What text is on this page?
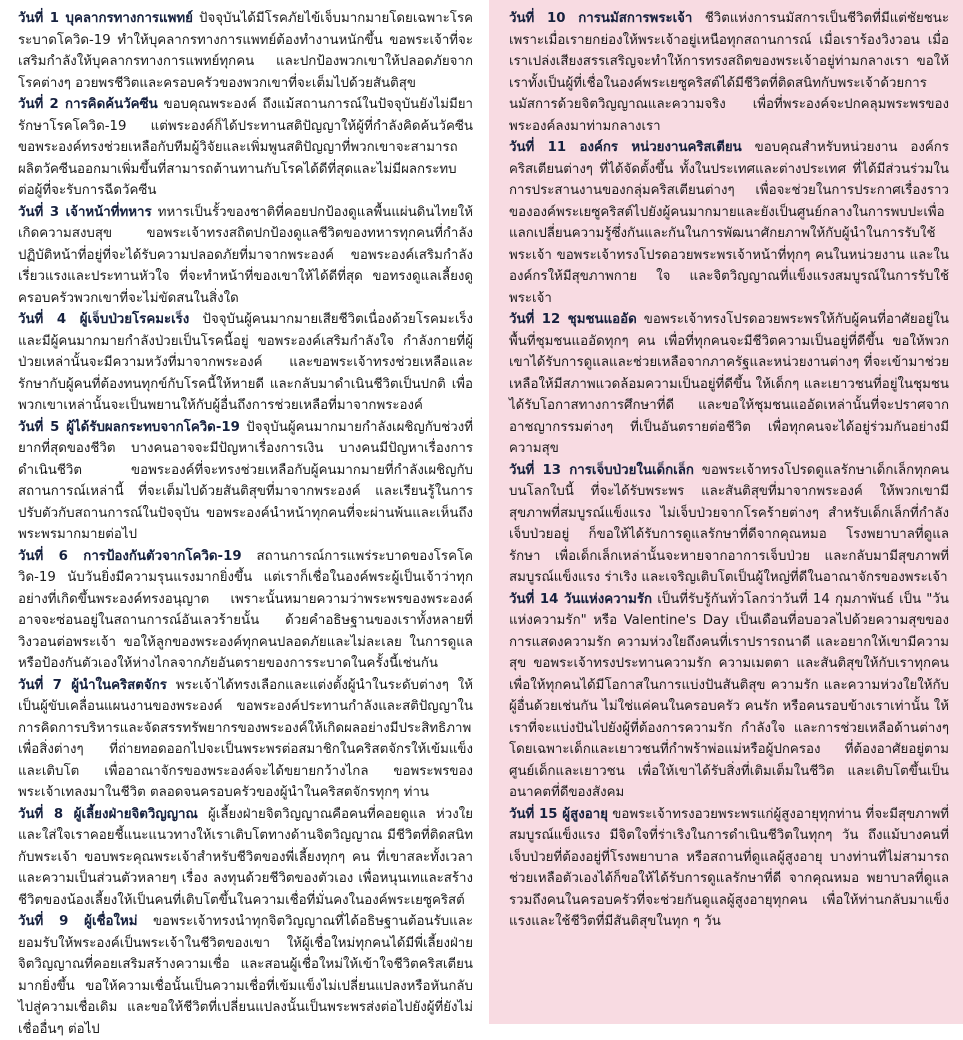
วันที่ 1 บุคลากรทางการแพทย์ ปัจจุบันได้มีโรคภัยไข้เจ็บมากมายโดยเฉพาะโรคระบาดโควิด-19 ทำให้บุคลากรทางการแพทย์ต้องทำงานหนักขึ้น ขอพระเจ้าที่จะเสริมกำลังให้บุคลากรทางการแพทย์ทุกคน และปกป้องพวกเขาให้ปลอดภัยจากโรคต่างๆ อวยพรชีวิตและครอบครัวของพวกเขาที่จะเต็มไปด้วยสันติสุข

วันที่ 2 การคิดค้นวัคซีน ขอบคุณพระองค์ ถึงแม้สถานการณ์ในปัจจุบันยังไม่มียารักษาโรคโควิด-19 แต่พระองค์ก็ได้ประทานสติปัญญาให้ผู้ที่กำลังคิดค้นวัคซีน ขอพระองค์ทรงช่วยเหลือกับทีมผู้วิจัยและเพิ่มพูนสติปัญญาที่พวกเขาจะสามารถผลิตวัคซีนออกมาเพิ่มขึ้นที่สามารถต้านทานกับโรคได้ดีที่สุดและไม่มีผลกระทบต่อผู้ที่จะรับการฉีดวัคซีน

วันที่ 3 เจ้าหน้าที่ทหาร ทหารเป็นรั้วของชาติที่คอยปกป้องดูแลพื้นแผ่นดินไทยให้เกิดความสงบสุข ขอพระเจ้าทรงสถิตปกป้องดูแลชีวิตของทหารทุกคนที่กำลังปฏิบัติหน้าที่อยู่ที่จะได้รับความปลอดภัยที่มาจากพระองค์ ขอพระองค์เสริมกำลังเรี่ยวแรงและประทานหัวใจ ที่จะทำหน้าที่ของเขาให้ได้ดีที่สุด ขอทรงดูแลเลี้ยงดูครอบครัวพวกเขาที่จะไม่ขัดสนในสิ่งใด

วันที่ 4 ผู้เจ็บป่วยโรคมะเร็ง ปัจจุบันผู้คนมากมายเสียชีวิตเนื่องด้วยโรคมะเร็ง และมีผู้คนมากมายกำลังป่วยเป็นโรคนี้อยู่ ขอพระองค์เสริมกำลังใจ กำลังกายที่ผู้ป่วยเหล่านั้นจะมีความหวังที่มาจากพระองค์ และขอพระเจ้าทรงช่วยเหลือและรักษากับผู้คนที่ต้องทนทุกข์กับโรคนี้ให้หายดี และกลับมาดำเนินชีวิตเป็นปกติ เพื่อพวกเขาเหล่านั้นจะเป็นพยานให้กับผู้อื่นถึงการช่วยเหลือที่มาจากพระองค์

วันที่ 5 ผู้ได้รับผลกระทบจากโควิด-19 ปัจจุบันผู้คนมากมายกำลังเผชิญกับช่วงที่ยากที่สุดของชีวิต บางคนอาจจะมีปัญหาเรื่องการเงิน บางคนมีปัญหาเรื่องการดำเนินชีวิต ขอพระองค์ที่จะทรงช่วยเหลือกับผู้คนมากมายที่กำลังเผชิญกับสถานการณ์เหล่านี้ ที่จะเต็มไปด้วยสันติสุขที่มาจากพระองค์ และเรียนรู้ในการปรับตัวกับสถานการณ์ในปัจจุบัน ขอพระองค์นำหน้าทุกคนที่จะผ่านพ้นและเห็นถึงพระพรมากมายต่อไป

วันที่ 6 การป้องกันตัวจากโควิด-19 สถานการณ์การแพร่ระบาดของโรคโควิด-19 นับวันยิ่งมีความรุนแรงมากยิ่งขึ้น แต่เราก็เชื่อในองค์พระผู้เป็นเจ้าว่าทุกอย่างที่เกิดขึ้นพระองค์ทรงอนุญาต เพราะนั้นหมายความว่าพระพรของพระองค์อาจจะซ่อนอยู่ในสถานการณ์อันเลวร้ายนั้น ด้วยคำอธิษฐานของเราทั้งหลายที่วิงวอนต่อพระเจ้า ขอให้ลูกของพระองค์ทุกคนปลอดภัยและไม่ละเลย ในการดูแลหรือป้องกันตัวเองให้ห่างไกลจากภัยอันตรายของการระบาดในครั้งนี้เช่นกัน

วันที่ 7 ผู้นำในคริสตจักร พระเจ้าได้ทรงเลือกและแต่งตั้งผู้นำในระดับต่างๆ ให้เป็นผู้ขับเคลื่อนแผนงานของพระองค์ ขอพระองค์ประทานกำลังและสติปัญญาในการคิดการบริหารและจัดสรรทรัพยากรของพระองค์ให้เกิดผลอย่างมีประสิทธิภาพ เพื่อสิ่งต่างๆ ที่ถ่ายทอดออกไปจะเป็นพระพรต่อสมาชิกในคริสตจักรให้เข้มแข็งและเติบโต เพื่ออาณาจักรของพระองค์จะได้ขยายกว้างไกล ขอพระพรของพระเจ้าเทลงมาในชีวิต ตลอดจนครอบครัวของผู้นำในคริสตจักรทุกๆ ท่าน

วันที่ 8 ผู้เลี้ยงฝ่ายจิตวิญญาณ ผู้เลี้ยงฝ่ายจิตวิญญาณคือคนที่คอยดูแล ห่วงใย และใส่ใจเราคอยชี้แนะแนวทางให้เราเติบโตทางด้านจิตวิญญาณ มีชีวิตที่ติดสนิทกับพระเจ้า ขอบพระคุณพระเจ้าสำหรับชีวิตของพี่เลี้ยงทุกๆ คน ที่เขาสละทั้งเวลาและความเป็นส่วนตัวหลายๆ เรื่อง ลงทุนด้วยชีวิตของตัวเอง เพื่อหนุนเทและสร้างชีวิตของน้องเลี้ยงให้เป็นคนที่เติบโตขึ้นในความเชื่อที่มั่นคงในองค์พระเยซูคริสต์

วันที่ 9 ผู้เชื่อใหม่ ขอพระเจ้าทรงนำทุกจิตวิญญาณที่ได้อธิษฐานต้อนรับและยอมรับให้พระองค์เป็นพระเจ้าในชีวิตของเขา ให้ผู้เชื่อใหม่ทุกคนได้มีพี่เลี้ยงฝ่ายจิตวิญญาณที่คอยเสริมสร้างความเชื่อ และสอนผู้เชื่อใหม่ให้เข้าใจชีวิตคริสเตียนมากยิ่งขึ้น ขอให้ความเชื่อนั้นเป็นความเชื่อที่เข้มแข็งไม่เปลี่ยนแปลงหรือหันกลับไปสู่ความเชื่อเดิม และขอให้ชีวิตที่เปลี่ยนแปลงนั้นเป็นพระพรส่งต่อไปยังผู้ที่ยังไม่เชื่ออื่นๆ ต่อไป

วันที่ 10 การนมัสการพระเจ้า ชีวิตแห่งการนมัสการเป็นชีวิตที่มีแต่ชัยชนะ เพราะเมื่อเรายกย่องให้พระเจ้าอยู่เหนือทุกสถานการณ์ เมื่อเราร้องวิงวอน เมื่อเราเปล่งเสียงสรรเสริญจะทำให้การทรงสถิตของพระเจ้าอยู่ท่ามกลางเรา ขอให้เราทั้งเป็นผู้ที่เชื่อในองค์พระเยซูคริสต์ได้มีชีวิตที่ติดสนิทกับพระเจ้าด้วยการนมัสการด้วยจิตวิญญาณและความจริง เพื่อที่พระองค์จะปกคลุมพระพรของพระองค์ลงมาท่ามกลางเรา

วันที่ 11 องค์กร หน่วยงานคริสเตียน ขอบคุณสำหรับหน่วยงาน องค์กรคริสเตียนต่างๆ ที่ได้จัดตั้งขึ้น ทั้งในประเทศและต่างประเทศ ที่ได้มีส่วนร่วมในการประสานงานของกลุ่มคริสเตียนต่างๆ เพื่อจะช่วยในการประกาศเรื่องราวขององค์พระเยซูคริสต์ไปยังผู้คนมากมายและยังเป็นศูนย์กลางในการพบปะเพื่อแลกเปลี่ยนความรู้ซึ่งกันและกันในการพัฒนาศักยภาพให้กับผู้นำในการรับใช้พระเจ้า ขอพระเจ้าทรงโปรดอวยพระพรเจ้าหน้าที่ทุกๆ คนในหน่วยงาน และในองค์กรให้มีสุขภาพกาย ใจ และจิตวิญญาณที่แข็งแรงสมบูรณ์ในการรับใช้พระเจ้า

วันที่ 12 ชุมชนแออัด ขอพระเจ้าทรงโปรดอวยพระพรให้กับผู้คนที่อาศัยอยู่ในพื้นที่ชุมชนแออัดทุกๆ คน เพื่อที่ทุกคนจะมีชีวิตความเป็นอยู่ที่ดีขึ้น ขอให้พวกเขาได้รับการดูแลและช่วยเหลือจากภาครัฐและหน่วยงานต่างๆ ที่จะเข้ามาช่วยเหลือให้มีสภาพแวดล้อมความเป็นอยู่ที่ดีขึ้น ให้เด็กๆ และเยาวชนที่อยู่ในชุมชนได้รับโอกาสทางการศึกษาที่ดี และขอให้ชุมชนแออัดเหล่านั้นที่จะปราศจากอาชญากรรมต่างๆ ที่เป็นอันตรายต่อชีวิต เพื่อทุกคนจะได้อยู่ร่วมกันอย่างมีความสุข

วันที่ 13 การเจ็บป่วยในเด็กเล็ก ขอพระเจ้าทรงโปรดดูแลรักษาเด็กเล็กทุกคนบนโลกใบนี้ ที่จะได้รับพระพร และสันติสุขที่มาจากพระองค์ ให้พวกเขามีสุขภาพที่สมบูรณ์แข็งแรง ไม่เจ็บป่วยจากโรคร้ายต่างๆ สำหรับเด็กเล็กที่กำลังเจ็บป่วยอยู่ ก็ขอให้ได้รับการดูแลรักษาที่ดีจากคุณหมอ โรงพยาบาลที่ดูแลรักษา เพื่อเด็กเล็กเหล่านั้นจะหายจากอาการเจ็บป่วย และกลับมามีสุขภาพที่สมบูรณ์แข็งแรง ร่าเริง และเจริญเติบโตเป็นผู้ใหญ่ที่ดีในอาณาจักรของพระเจ้า

วันที่ 14 วันแห่งความรัก เป็นที่รับรู้กันทั่วโลกว่าวันที่ 14 กุมภาพันธ์ เป็น "วันแห่งความรัก" หรือ Valentine's Day เป็นเดือนที่อบอวลไปด้วยความสุขของการแสดงความรัก ความห่วงใยถึงคนที่เราปรารถนาดี และอยากให้เขามีความสุข ขอพระเจ้าทรงประทานความรัก ความเมตตา และสันติสุขให้กับเราทุกคน เพื่อให้ทุกคนได้มีโอกาสในการแบ่งปันสันติสุข ความรัก และความห่วงใยให้กับผู้อื่นด้วยเช่นกัน ไม่ใช่แค่คนในครอบครัว คนรัก หรือคนรอบข้างเราเท่านั้น ให้เราที่จะแบ่งปันไปยังผู้ที่ต้องการความรัก กำลังใจ และการช่วยเหลือด้านต่างๆ โดยเฉพาะเด็กและเยาวชนที่กำพร้าพ่อแม่หรือผู้ปกครอง ที่ต้องอาศัยอยู่ตามศูนย์เด็กและเยาวชน เพื่อให้เขาได้รับสิ่งที่เติมเต็มในชีวิต และเติบโตขึ้นเป็นอนาคตที่ดีของสังคม

วันที่ 15 ผู้สูงอายุ ขอพระเจ้าทรงอวยพระพรแก่ผู้สูงอายุทุกท่าน ที่จะมีสุขภาพที่สมบูรณ์แข็งแรง มีจิตใจที่ร่าเริงในการดำเนินชีวิตในทุกๆ วัน ถึงแม้บางคนที่เจ็บป่วยที่ต้องอยู่ที่โรงพยาบาล หรือสถานที่ดูแลผู้สูงอายุ บางท่านที่ไม่สามารถช่วยเหลือตัวเองได้ก็ขอให้ได้รับการดูแลรักษาที่ดี จากคุณหมอ พยาบาลที่ดูแล รวมถึงคนในครอบครัวที่จะช่วยกันดูแลผู้สูงอายุทุกคน เพื่อให้ท่านกลับมาแข็งแรงและใช้ชีวิตที่มีสันติสุขในทุก ๆ วัน
